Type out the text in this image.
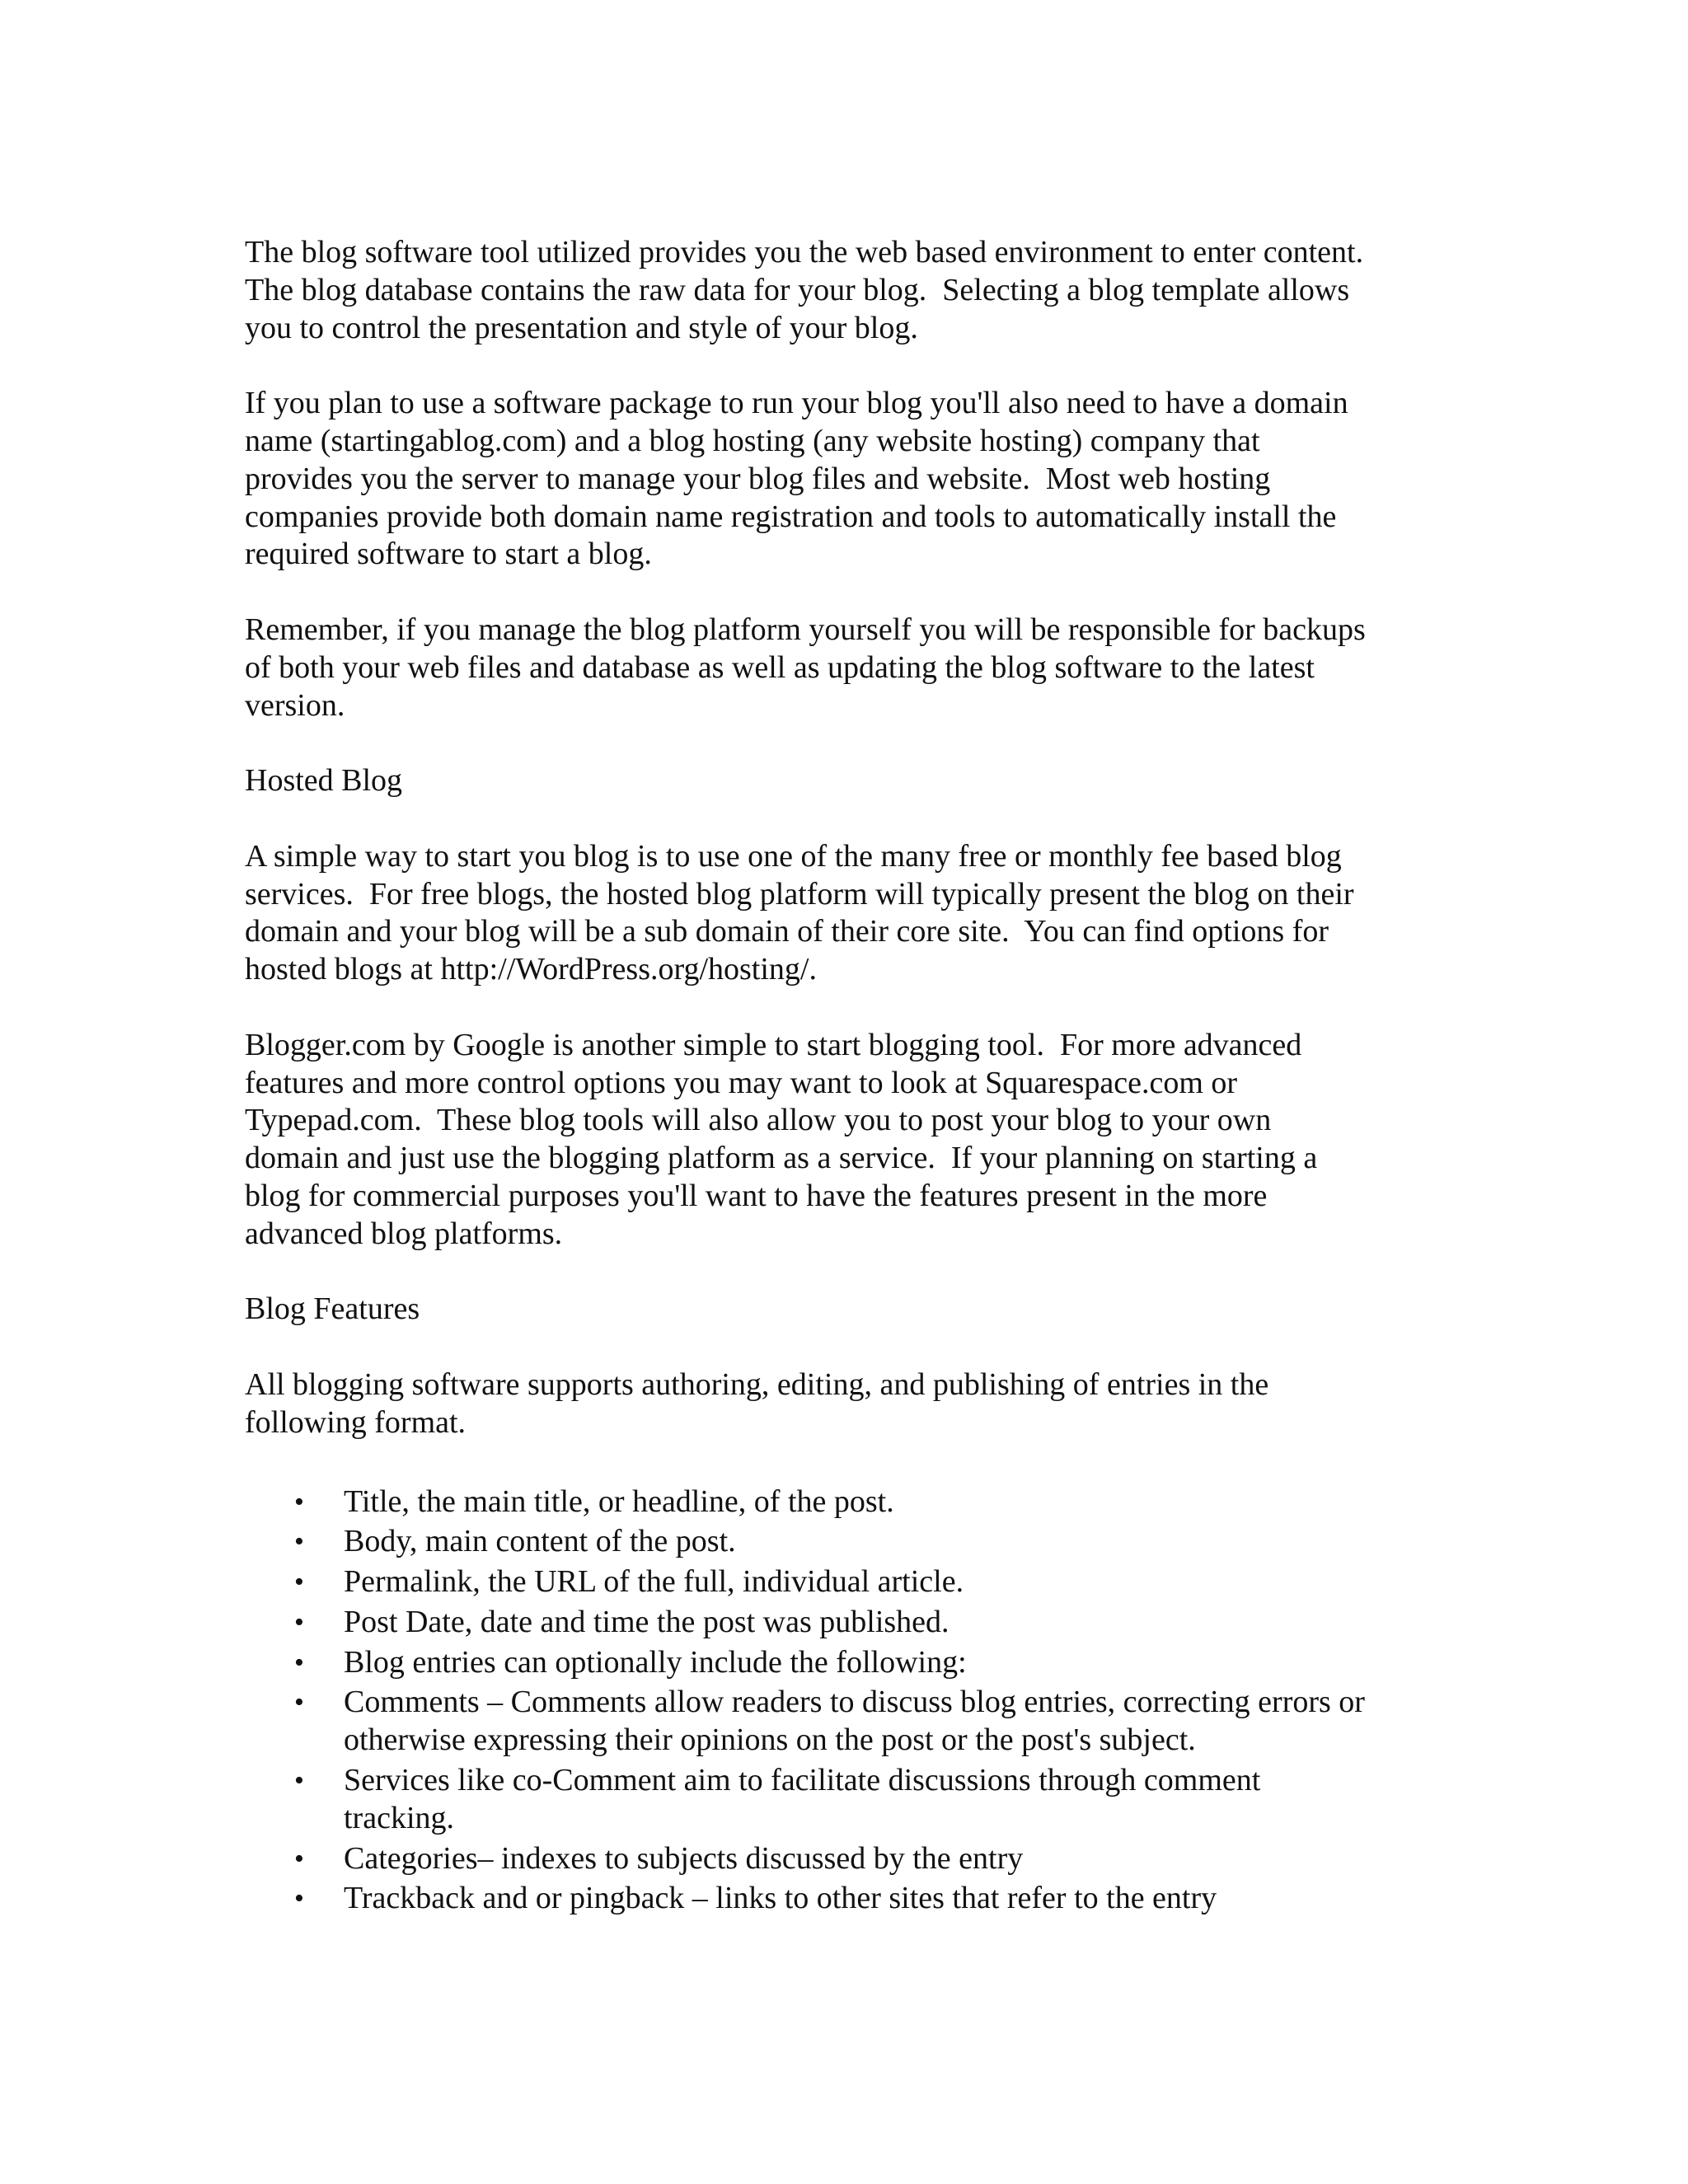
The blog software tool utilized provides you the web based environment to enter content.
The blog database contains the raw data for your blog.  Selecting a blog template allows
you to control the presentation and style of your blog.

If you plan to use a software package to run your blog you'll also need to have a domain
name (startingablog.com) and a blog hosting (any website hosting) company that
provides you the server to manage your blog files and website.  Most web hosting
companies provide both domain name registration and tools to automatically install the
required software to start a blog.

Remember, if you manage the blog platform yourself you will be responsible for backups
of both your web files and database as well as updating the blog software to the latest
version.

Hosted Blog

A simple way to start you blog is to use one of the many free or monthly fee based blog
services.  For free blogs, the hosted blog platform will typically present the blog on their
domain and your blog will be a sub domain of their core site.  You can find options for
hosted blogs at http://WordPress.org/hosting/.

Blogger.com by Google is another simple to start blogging tool.  For more advanced
features and more control options you may want to look at Squarespace.com or
Typepad.com.  These blog tools will also allow you to post your blog to your own
domain and just use the blogging platform as a service.  If your planning on starting a
blog for commercial purposes you'll want to have the features present in the more
advanced blog platforms.

Blog Features

All blogging software supports authoring, editing, and publishing of entries in the
following format.

• Title, the main title, or headline, of the post.
• Body, main content of the post.
• Permalink, the URL of the full, individual article.
• Post Date, date and time the post was published.
• Blog entries can optionally include the following:
• Comments – Comments allow readers to discuss blog entries, correcting errors or
otherwise expressing their opinions on the post or the post's subject.
• Services like co-Comment aim to facilitate discussions through comment
tracking.
• Categories– indexes to subjects discussed by the entry
• Trackback and or pingback – links to other sites that refer to the entry
